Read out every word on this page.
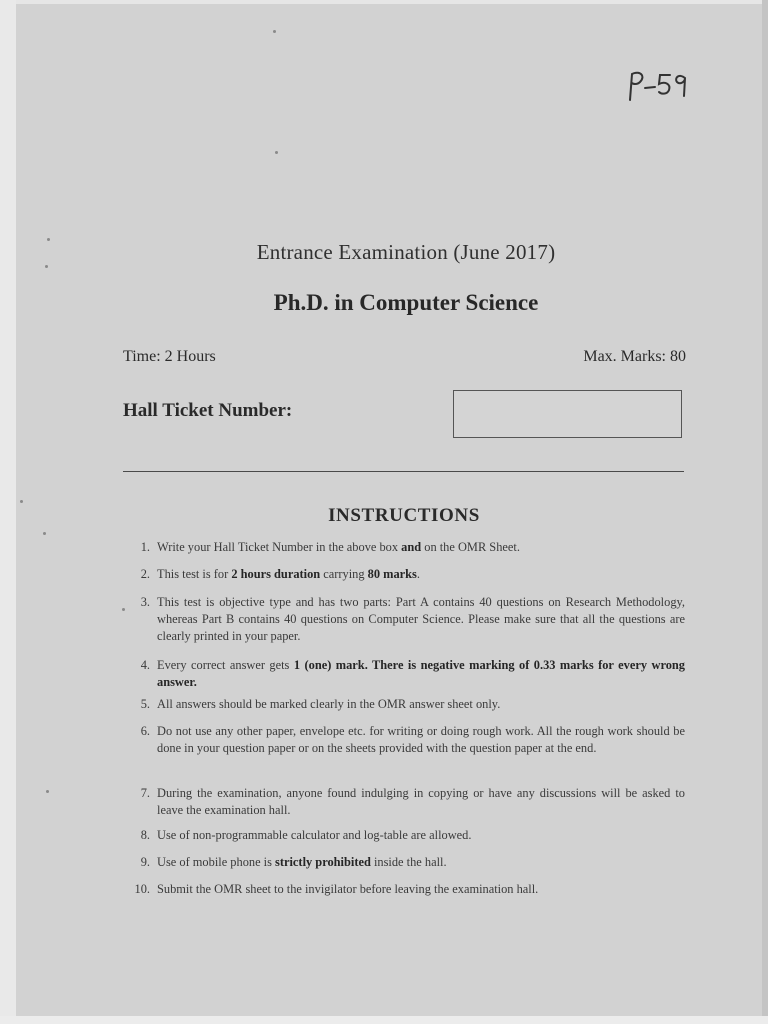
Entrance Examination (June 2017)
Ph.D. in Computer Science
Time: 2 Hours	Max. Marks: 80
Hall Ticket Number:
INSTRUCTIONS
1. Write your Hall Ticket Number in the above box and on the OMR Sheet.
2. This test is for 2 hours duration carrying 80 marks.
3. This test is objective type and has two parts: Part A contains 40 questions on Research Methodology, whereas Part B contains 40 questions on Computer Science. Please make sure that all the questions are clearly printed in your paper.
4. Every correct answer gets 1 (one) mark. There is negative marking of 0.33 marks for every wrong answer.
5. All answers should be marked clearly in the OMR answer sheet only.
6. Do not use any other paper, envelope etc. for writing or doing rough work. All the rough work should be done in your question paper or on the sheets provided with the question paper at the end.
7. During the examination, anyone found indulging in copying or have any discussions will be asked to leave the examination hall.
8. Use of non-programmable calculator and log-table are allowed.
9. Use of mobile phone is strictly prohibited inside the hall.
10. Submit the OMR sheet to the invigilator before leaving the examination hall.
